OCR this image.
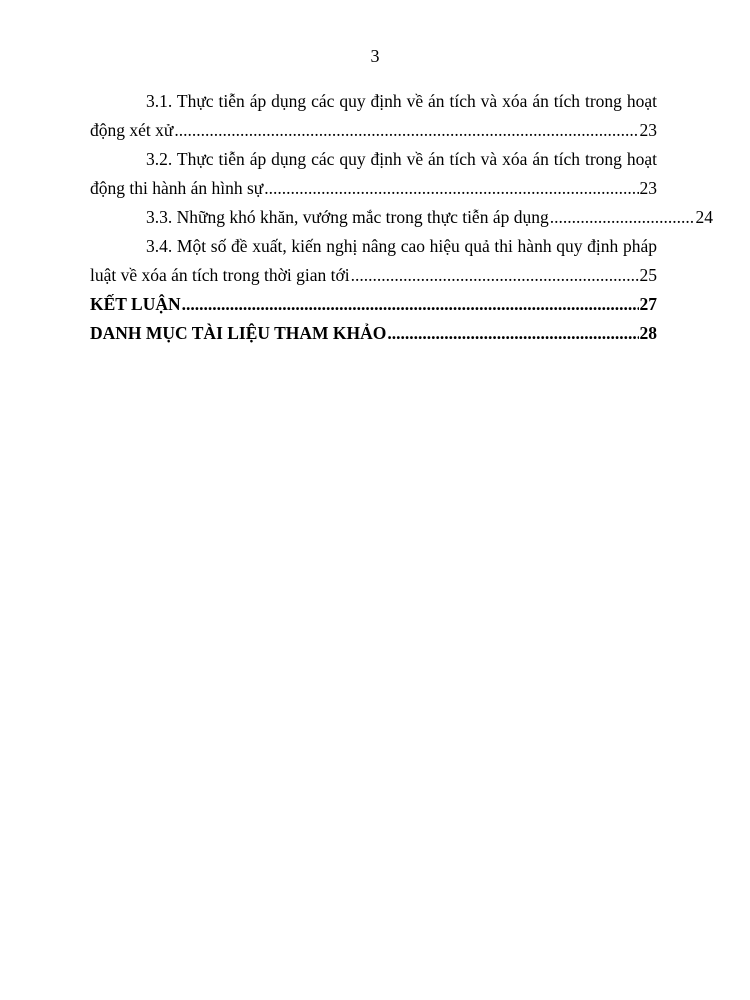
3
3.1. Thực tiễn áp dụng các quy định về án tích và xóa án tích trong hoạt
động xét xử .....	23
3.2. Thực tiễn áp dụng các quy định về án tích và xóa án tích trong hoạt
động thi hành án hình sự .....	23
3.3. Những khó khăn, vướng mắc trong thực tiễn áp dụng .....	24
3.4. Một số đề xuất, kiến nghị nâng cao hiệu quả thi hành quy định pháp
luật về xóa án tích trong thời gian tới .....	25
KẾT LUẬN .....	27
DANH MỤC TÀI LIỆU THAM KHẢO .....	28
